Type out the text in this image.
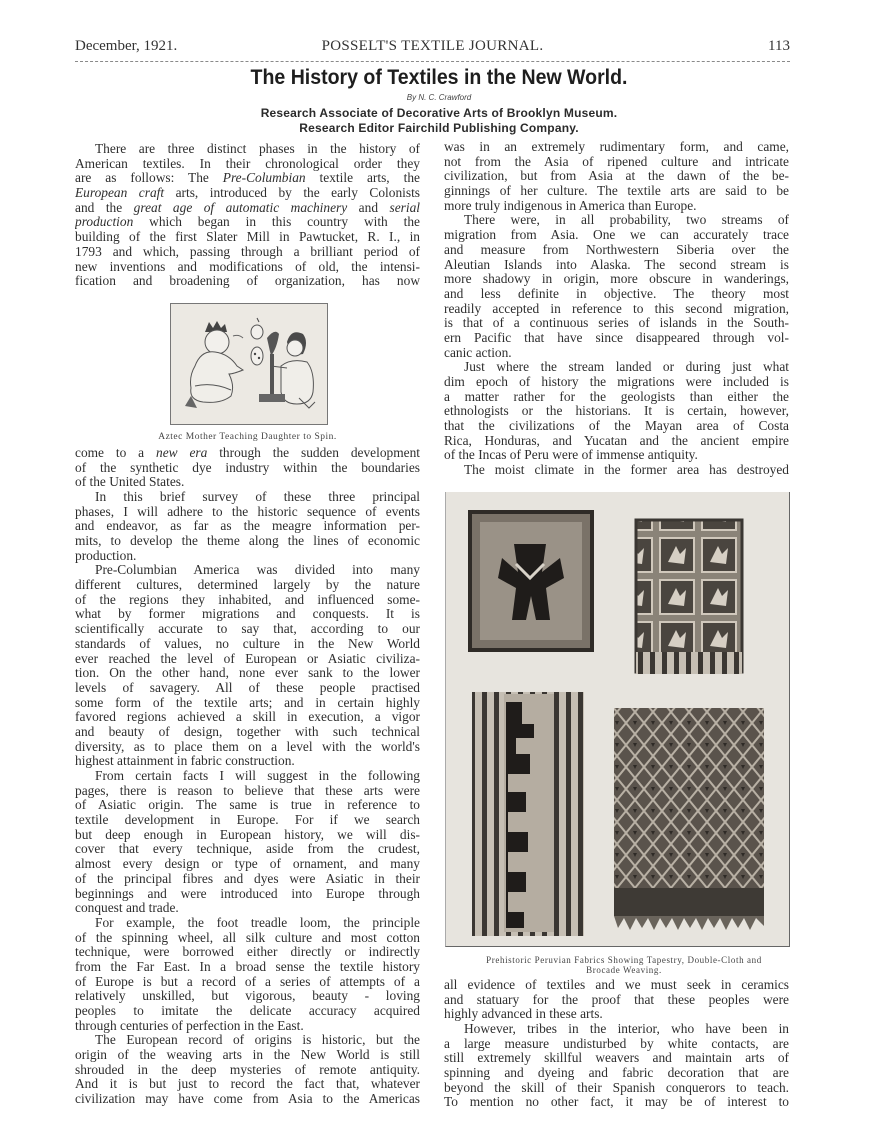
December, 1921.	POSSELT'S TEXTILE JOURNAL.	113
The History of Textiles in the New World.
By N. C. Crawford
Research Associate of Decorative Arts of Brooklyn Museum.
Research Editor Fairchild Publishing Company.
There are three distinct phases in the history of
American textiles. In their chronological order they
are as follows: The Pre-Columbian textile arts, the
European craft arts, introduced by the early Colonists
and the great age of automatic machinery and serial
production which began in this country with the
building of the first Slater Mill in Pawtucket, R. I., in
1793 and which, passing through a brilliant period of
new inventions and modifications of old, the intensi-
fication and broadening of organization, has now
come to a new era through the sudden development
of the synthetic dye industry within the boundaries
of the United States.
In this brief survey of these three principal
phases, I will adhere to the historic sequence of events
and endeavor, as far as the meagre information per-
mits, to develop the theme along the lines of economic
production.
Pre-Columbian America was divided into many
different cultures, determined largely by the nature
of the regions they inhabited, and influenced some-
what by former migrations and conquests. It is
scientifically accurate to say that, according to our
standards of values, no culture in the New World
ever reached the level of European or Asiatic civiliza-
tion. On the other hand, none ever sank to the lower
levels of savagery. All of these people practised
some form of the textile arts; and in certain highly
favored regions achieved a skill in execution, a vigor
and beauty of design, together with such technical
diversity, as to place them on a level with the world's
highest attainment in fabric construction.
From certain facts I will suggest in the following
pages, there is reason to believe that these arts were
of Asiatic origin. The same is true in reference to
textile development in Europe. For if we search
but deep enough in European history, we will dis-
cover that every technique, aside from the crudest,
almost every design or type of ornament, and many
of the principal fibres and dyes were Asiatic in their
beginnings and were introduced into Europe through
conquest and trade.
For example, the foot treadle loom, the principle
of the spinning wheel, all silk culture and most cotton
technique, were borrowed either directly or indirectly
from the Far East. In a broad sense the textile history
of Europe is but a record of a series of attempts of a
relatively unskilled, but vigorous, beauty - loving
peoples to imitate the delicate accuracy acquired
through centuries of perfection in the East.
The European record of origins is historic, but the
origin of the weaving arts in the New World is still
shrouded in the deep mysteries of remote antiquity.
And it is but just to record the fact that, whatever
civilization may have come from Asia to the Americas
Aztec Mother Teaching Daughter to Spin.
was in an extremely rudimentary form, and came,
not from the Asia of ripened culture and intricate
civilization, but from Asia at the dawn of the be-
ginnings of her culture. The textile arts are said to be
more truly indigenous in America than Europe.
There were, in all probability, two streams of
migration from Asia. One we can accurately trace
and measure from Northwestern Siberia over the
Aleutian Islands into Alaska. The second stream is
more shadowy in origin, more obscure in wanderings,
and less definite in objective. The theory most
readily accepted in reference to this second migration,
is that of a continuous series of islands in the South-
ern Pacific that have since disappeared through vol-
canic action.
Just where the stream landed or during just what
dim epoch of history the migrations were included is
a matter rather for the geologists than either the
ethnologists or the historians. It is certain, however,
that the civilizations of the Mayan area of Costa
Rica, Honduras, and Yucatan and the ancient empire
of the Incas of Peru were of immense antiquity.
The moist climate in the former area has destroyed
all evidence of textiles and we must seek in ceramics
and statuary for the proof that these peoples were
highly advanced in these arts.
However, tribes in the interior, who have been in
a large measure undisturbed by white contacts, are
still extremely skillful weavers and maintain arts of
spinning and dyeing and fabric decoration that are
beyond the skill of their Spanish conquerors to teach.
To mention no other fact, it may be of interest to
Prehistoric Peruvian Fabrics Showing Tapestry, Double-Cloth and
Brocade Weaving.
